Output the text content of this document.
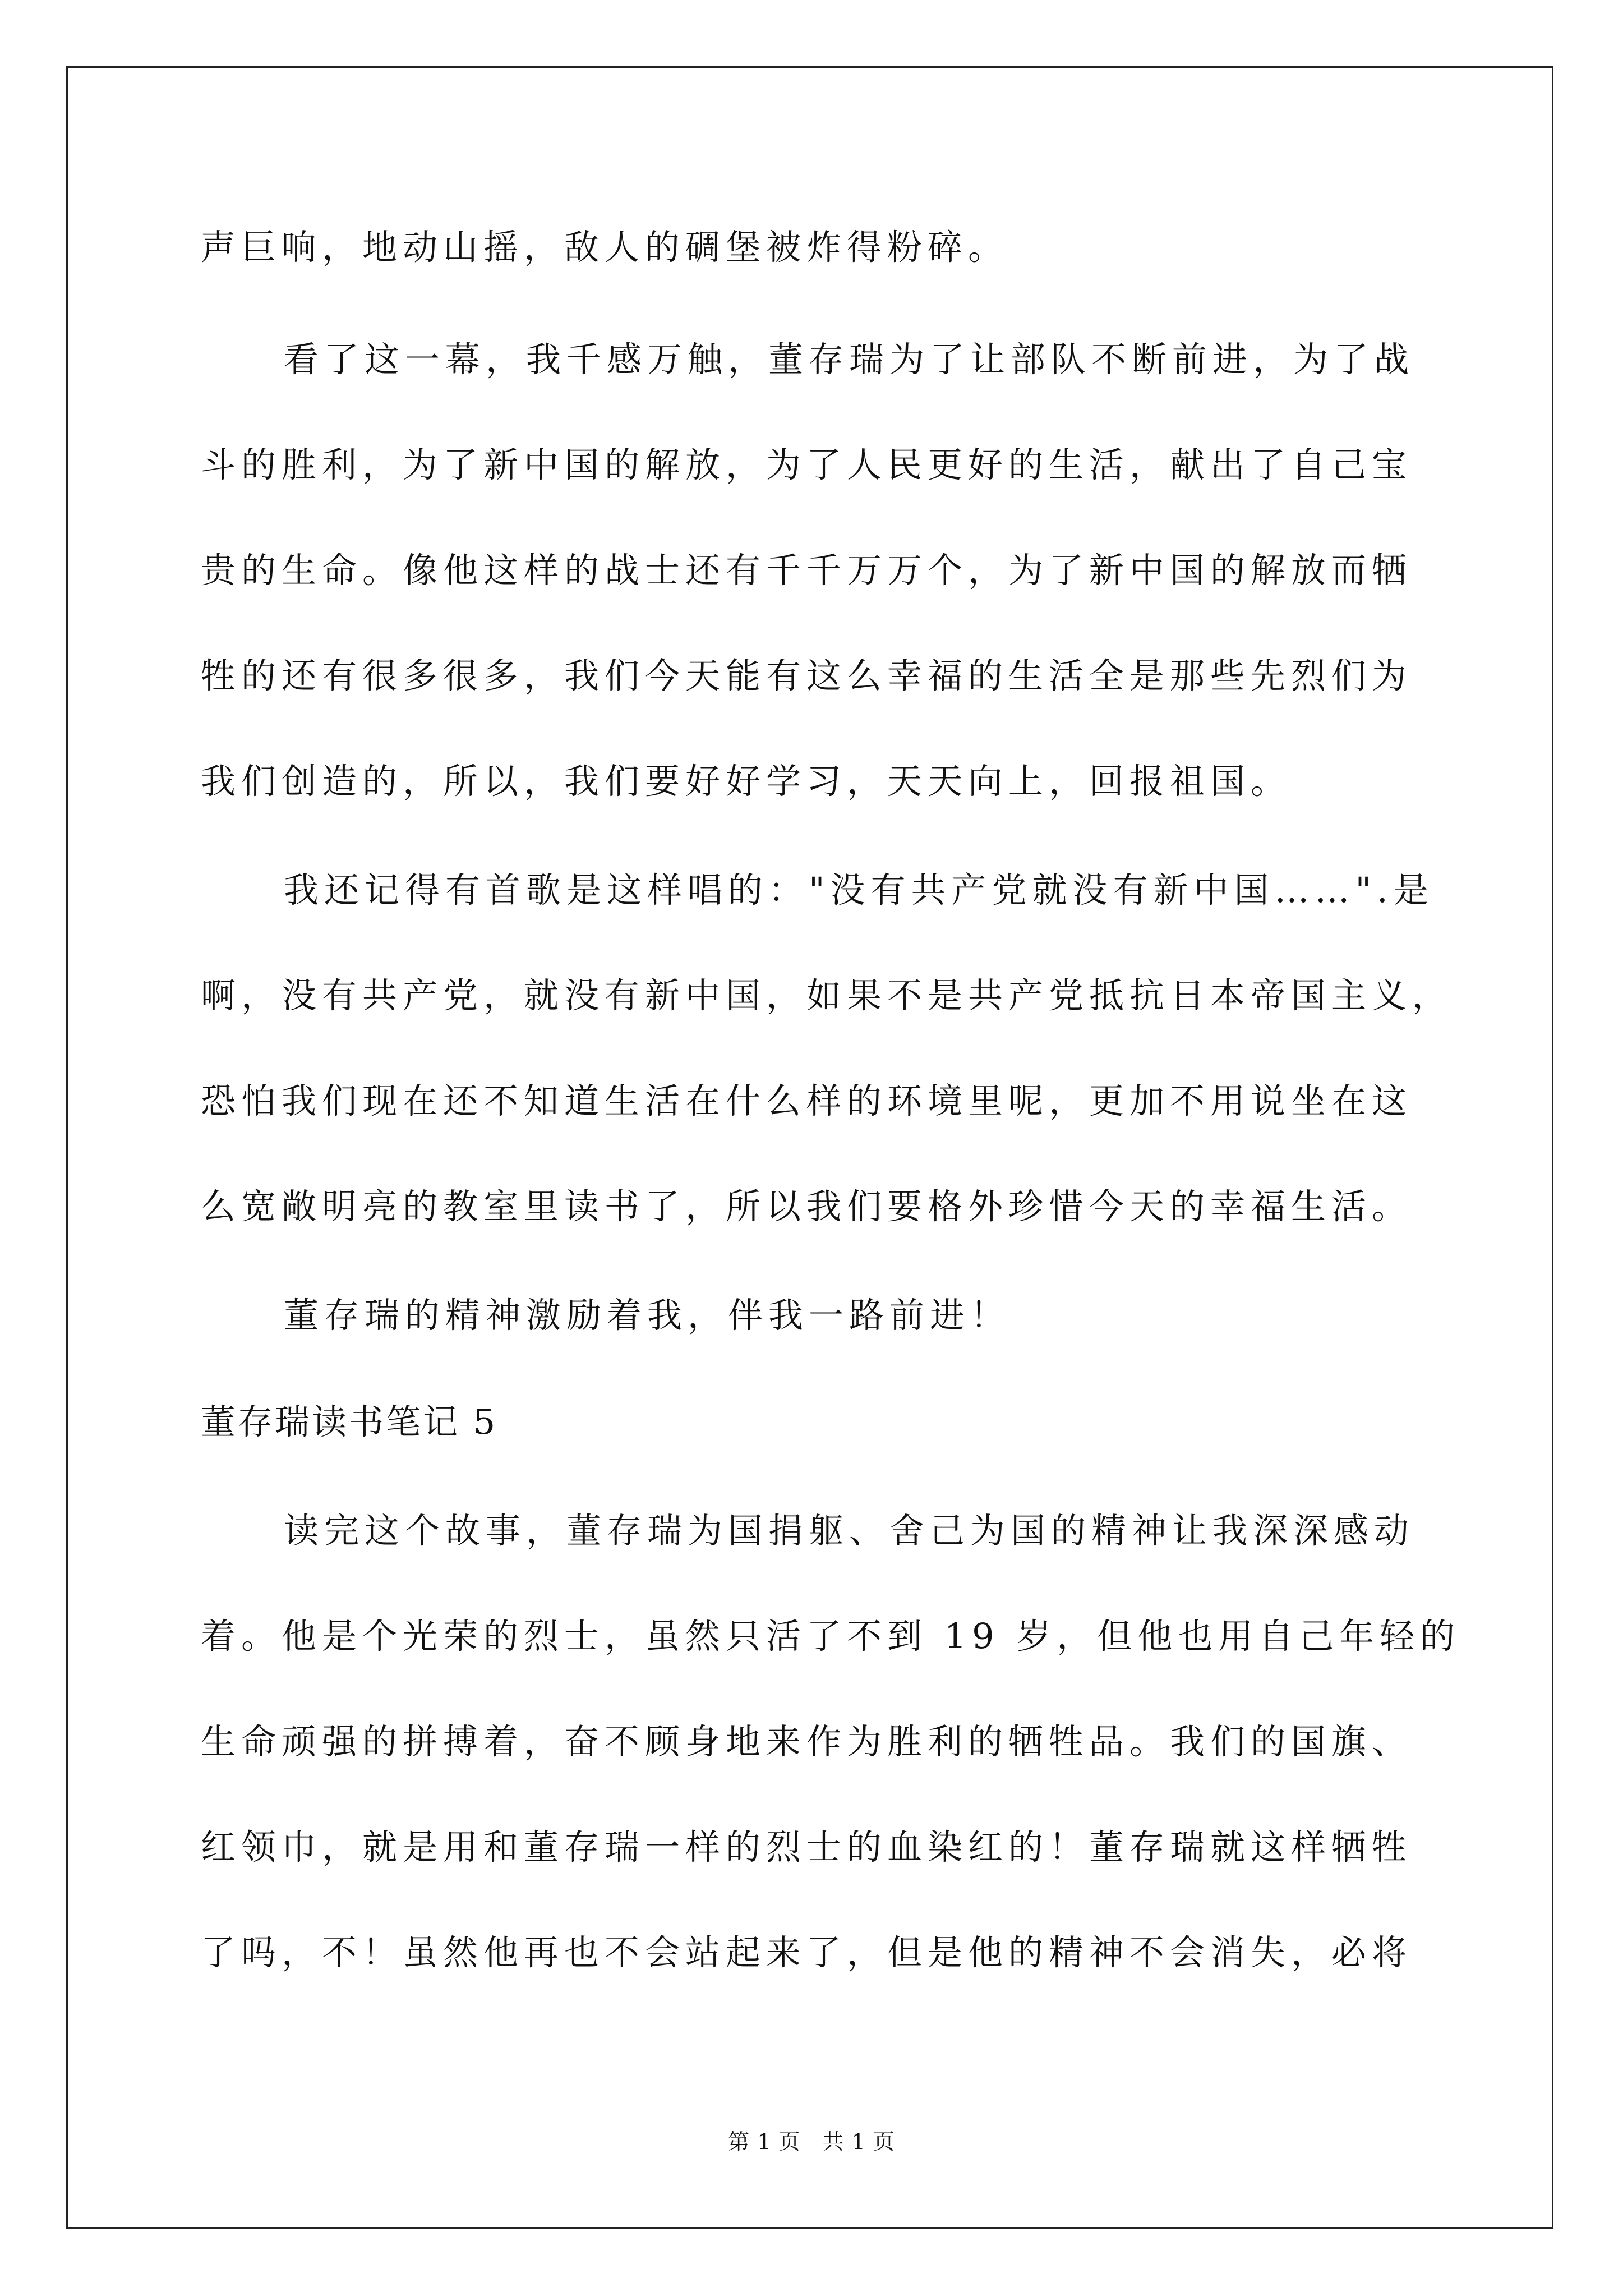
声巨响，地动山摇，敌人的碉堡被炸得粉碎。
看了这一幕，我千感万触，董存瑞为了让部队不断前进，为了战
斗的胜利，为了新中国的解放，为了人民更好的生活，献出了自己宝
贵的生命。像他这样的战士还有千千万万个，为了新中国的解放而牺
牲的还有很多很多，我们今天能有这么幸福的生活全是那些先烈们为
我们创造的，所以，我们要好好学习，天天向上，回报祖国。
我还记得有首歌是这样唱的："没有共产党就没有新中国……".是
啊，没有共产党，就没有新中国，如果不是共产党抵抗日本帝国主义，
恐怕我们现在还不知道生活在什么样的环境里呢，更加不用说坐在这
么宽敞明亮的教室里读书了，所以我们要格外珍惜今天的幸福生活。
董存瑞的精神激励着我，伴我一路前进！
董存瑞读书笔记 5
读完这个故事，董存瑞为国捐躯、舍己为国的精神让我深深感动
着。他是个光荣的烈士，虽然只活了不到 19 岁，但他也用自己年轻的
生命顽强的拼搏着，奋不顾身地来作为胜利的牺牲品。我们的国旗、
红领巾，就是用和董存瑞一样的烈士的血染红的！董存瑞就这样牺牲
了吗，不！虽然他再也不会站起来了，但是他的精神不会消失，必将
第 1 页　共 1 页
